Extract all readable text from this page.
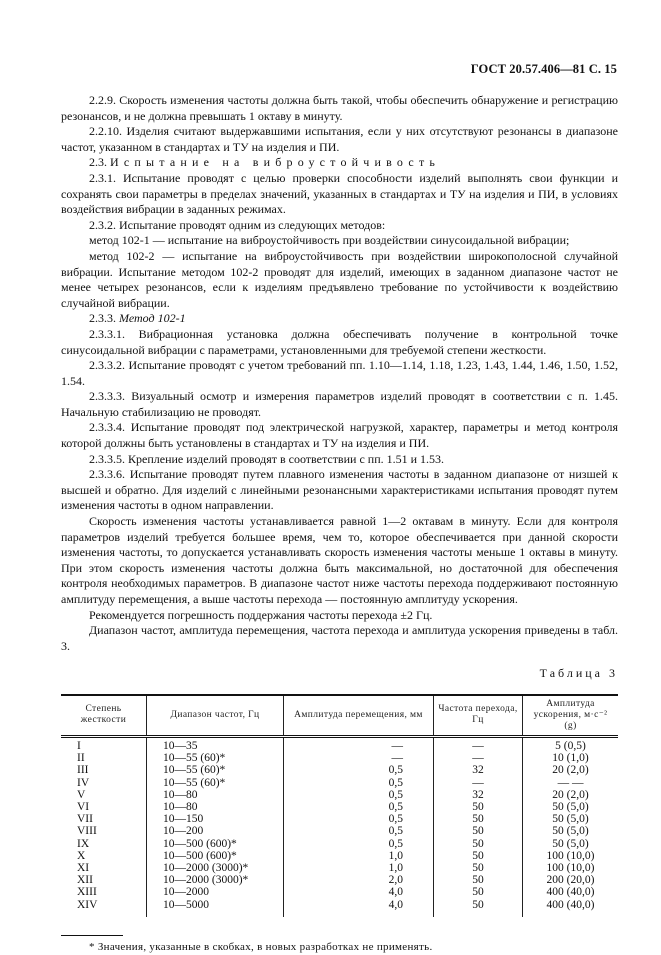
ГОСТ 20.57.406—81 С. 15

2.2.9. Скорость изменения частоты должна быть такой, чтобы обеспечить обнаружение и регистрацию резонансов, и не должна превышать 1 октаву в минуту.

2.2.10. Изделия считают выдержавшими испытания, если у них отсутствуют резонансы в диапазоне частот, указанном в стандартах и ТУ на изделия и ПИ.

2.3. Испытание на виброустойчивость

2.3.1. Испытание проводят с целью проверки способности изделий выполнять свои функции и сохранять свои параметры в пределах значений, указанных в стандартах и ТУ на изделия и ПИ, в условиях воздействия вибрации в заданных режимах.

2.3.2. Испытание проводят одним из следующих методов:

метод 102-1 — испытание на виброустойчивость при воздействии синусоидальной вибрации;

метод 102-2 — испытание на виброустойчивость при воздействии широкополосной случайной вибрации. Испытание методом 102-2 проводят для изделий, имеющих в заданном диапазоне частот не менее четырех резонансов, если к изделиям предъявлено требование по устойчивости к воздействию случайной вибрации.

2.3.3. Метод 102-1

2.3.3.1. Вибрационная установка должна обеспечивать получение в контрольной точке синусоидальной вибрации с параметрами, установленными для требуемой степени жесткости.

2.3.3.2. Испытание проводят с учетом требований пп. 1.10—1.14, 1.18, 1.23, 1.43, 1.44, 1.46, 1.50, 1.52, 1.54.

2.3.3.3. Визуальный осмотр и измерения параметров изделий проводят в соответствии с п. 1.45. Начальную стабилизацию не проводят.

2.3.3.4. Испытание проводят под электрической нагрузкой, характер, параметры и метод контроля которой должны быть установлены в стандартах и ТУ на изделия и ПИ.

2.3.3.5. Крепление изделий проводят в соответствии с пп. 1.51 и 1.53.

2.3.3.6. Испытание проводят путем плавного изменения частоты в заданном диапазоне от низшей к высшей и обратно. Для изделий с линейными резонансными характеристиками испытания проводят путем изменения частоты в одном направлении.

Скорость изменения частоты устанавливается равной 1—2 октавам в минуту. Если для контроля параметров изделий требуется большее время, чем то, которое обеспечивается при данной скорости изменения частоты, то допускается устанавливать скорость изменения частоты меньше 1 октавы в минуту. При этом скорость изменения частоты должна быть максимальной, но достаточной для обеспечения контроля необходимых параметров. В диапазоне частот ниже частоты перехода поддерживают постоянную амплитуду перемещения, а выше частоты перехода — постоянную амплитуду ускорения.

Рекомендуется погрешность поддержания частоты перехода ±2 Гц.

Диапазон частот, амплитуда перемещения, частота перехода и амплитуда ускорения приведены в табл. 3.

Таблица 3
Степень жесткости	Диапазон частот, Гц	Амплитуда перемещения, мм	Частота перехода, Гц	Амплитуда ускорения, м·с⁻² (g)
I	10—35	—	—	5 (0,5)
II	10—55 (60)*	—	—	10 (1,0)
III	10—55 (60)*	0,5	32	20 (2,0)
IV	10—55 (60)*	0,5	—	— —
V	10—80	0,5	32	20 (2,0)
VI	10—80	0,5	50	50 (5,0)
VII	10—150	0,5	50	50 (5,0)
VIII	10—200	0,5	50	50 (5,0)
IX	10—500 (600)*	0,5	50	50 (5,0)
X	10—500 (600)*	1,0	50	100 (10,0)
XI	10—2000 (3000)*	1,0	50	100 (10,0)
XII	10—2000 (3000)*	2,0	50	200 (20,0)
XIII	10—2000	4,0	50	400 (40,0)
XIV	10—5000	4,0	50	400 (40,0)
* Значения, указанные в скобках, в новых разработках не применять.
